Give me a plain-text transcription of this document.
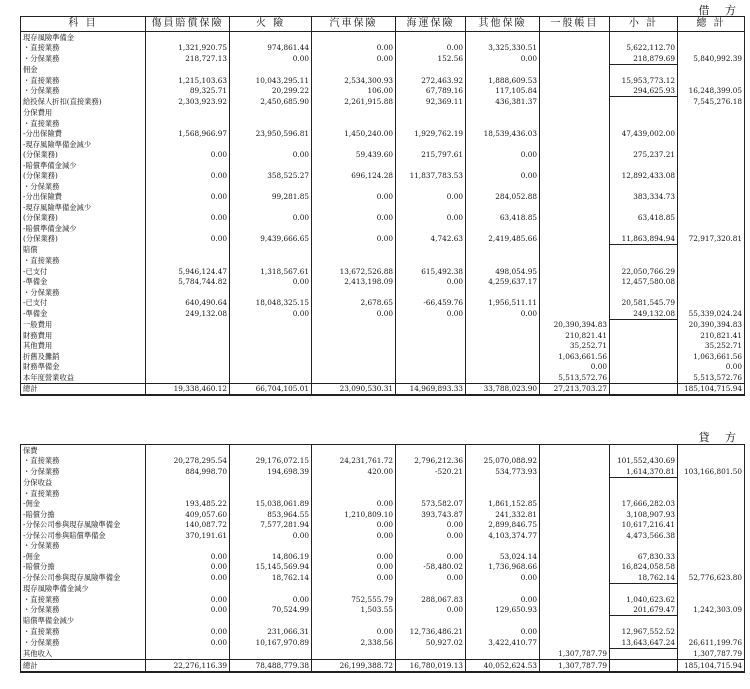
借 方
科 目	傷員賠償保險	火 險	汽車保險	海運保險	其他保險	一般帳目	小 計	總 計
現存風險準備金								
・直接業務	1,321,920.75	974,861.44	0.00	0.00	3,325,330.51		5,622,112.70	
・分保業務	218,727.13	0.00	0.00	152.56	0.00		218,879.69	5,840,992.39
佣金								
・直接業務	1,215,103.63	10,043,295.11	2,534,300.93	272,463.92	1,888,609.53		15,953,773.12	
・分保業務	89,325.71	20,299.22	106.00	67,789.16	117,105.84		294,625.93	16,248,399.05
給投保人折扣(直接業務)	2,303,923.92	2,450,685.90	2,261,915.88	92,369.11	436,381.37			7,545,276.18
分保費用								
・直接業務								
-分出保險費	1,568,966.97	23,950,596.81	1,450,240.00	1,929,762.19	18,539,436.03		47,439,002.00	
-現存風險準備金減少								
(分保業務)	0.00	0.00	59,439.60	215,797.61	0.00		275,237.21	
-賠償準備金減少								
(分保業務)	0.00	358,525.27	696,124.28	11,837,783.53	0.00		12,892,433.08	
・分保業務								
-分出保險費	0.00	99,281.85	0.00	0.00	284,052.88		383,334.73	
-現存風險準備金減少								
(分保業務)	0.00	0.00	0.00	0.00	63,418.85		63,418.85	
-賠償準備金減少								
(分保業務)	0.00	9,439,666.65	0.00	4,742.63	2,419,485.66		11,863,894.94	72,917,320.81
賠償								
・直接業務								
-已支付	5,946,124.47	1,318,567.61	13,672,526.88	615,492.38	498,054.95		22,050,766.29	
-準備金	5,784,744.82	0.00	2,413,198.09	0.00	4,259,637.17		12,457,580.08	
・分保業務								
-已支付	640,490.64	18,048,325.15	2,678.65	-66,459.76	1,956,511.11		20,581,545.79	
-準備金	249,132.08	0.00	0.00	0.00	0.00		249,132.08	55,339,024.24
一般費用						20,390,394.83		20,390,394.83
財務費用						210,821.41		210,821.41
其他費用						35,252.71		35,252.71
折舊及攤銷						1,063,661.56		1,063,661.56
財務準備金						0.00		0.00
本年度營業收益						5,513,572.76		5,513,572.76
總計	19,338,460.12	66,704,105.01	23,090,530.31	14,969,893.33	33,788,023.90	27,213,703.27		185,104,715.94
貸 方
保費								
・直接業務	20,278,295.54	29,176,072.15	24,231,761.72	2,796,212.36	25,070,088.92		101,552,430.69	
・分保業務	884,998.70	194,698.39	420.00	-520.21	534,773.93		1,614,370.81	103,166,801.50
分保收益								
・直接業務								
-佣金	193,485.22	15,038,061.89	0.00	573,582.07	1,861,152.85		17,666,282.03	
-賠償分擔	409,057.60	853,964.55	1,210,809.10	393,743.87	241,332.81		3,108,907.93	
-分保公司參與現存風險準備金	140,087.72	7,577,281.94	0.00	0.00	2,899,846.75		10,617,216.41	
-分保公司參與賠償準備金	370,191.61	0.00	0.00	0.00	4,103,374.77		4,473,566.38	
・分保業務								
-佣金	0.00	14,806.19	0.00	0.00	53,024.14		67,830.33	
-賠償分擔	0.00	15,145,569.94	0.00	-58,480.02	1,736,968.66		16,824,058.58	
-分保公司參與現存風險準備金	0.00	18,762.14	0.00	0.00	0.00		18,762.14	52,776,623.80
現存風險準備金減少								
・直接業務	0.00	0.00	752,555.79	288,067.83	0.00		1,040,623.62	
・分保業務	0.00	70,524.99	1,503.55	0.00	129,650.93		201,679.47	1,242,303.09
賠償準備金減少								
・直接業務	0.00	231,066.31	0.00	12,736,486.21	0.00		12,967,552.52	
・分保業務	0.00	10,167,970.89	2,338.56	50,927.02	3,422,410.77		13,643,647.24	26,611,199.76
其他收入						1,307,787.79		1,307,787.79
總計	22,276,116.39	78,488,779.38	26,199,388.72	16,780,019.13	40,052,624.53	1,307,787.79		185,104,715.94
